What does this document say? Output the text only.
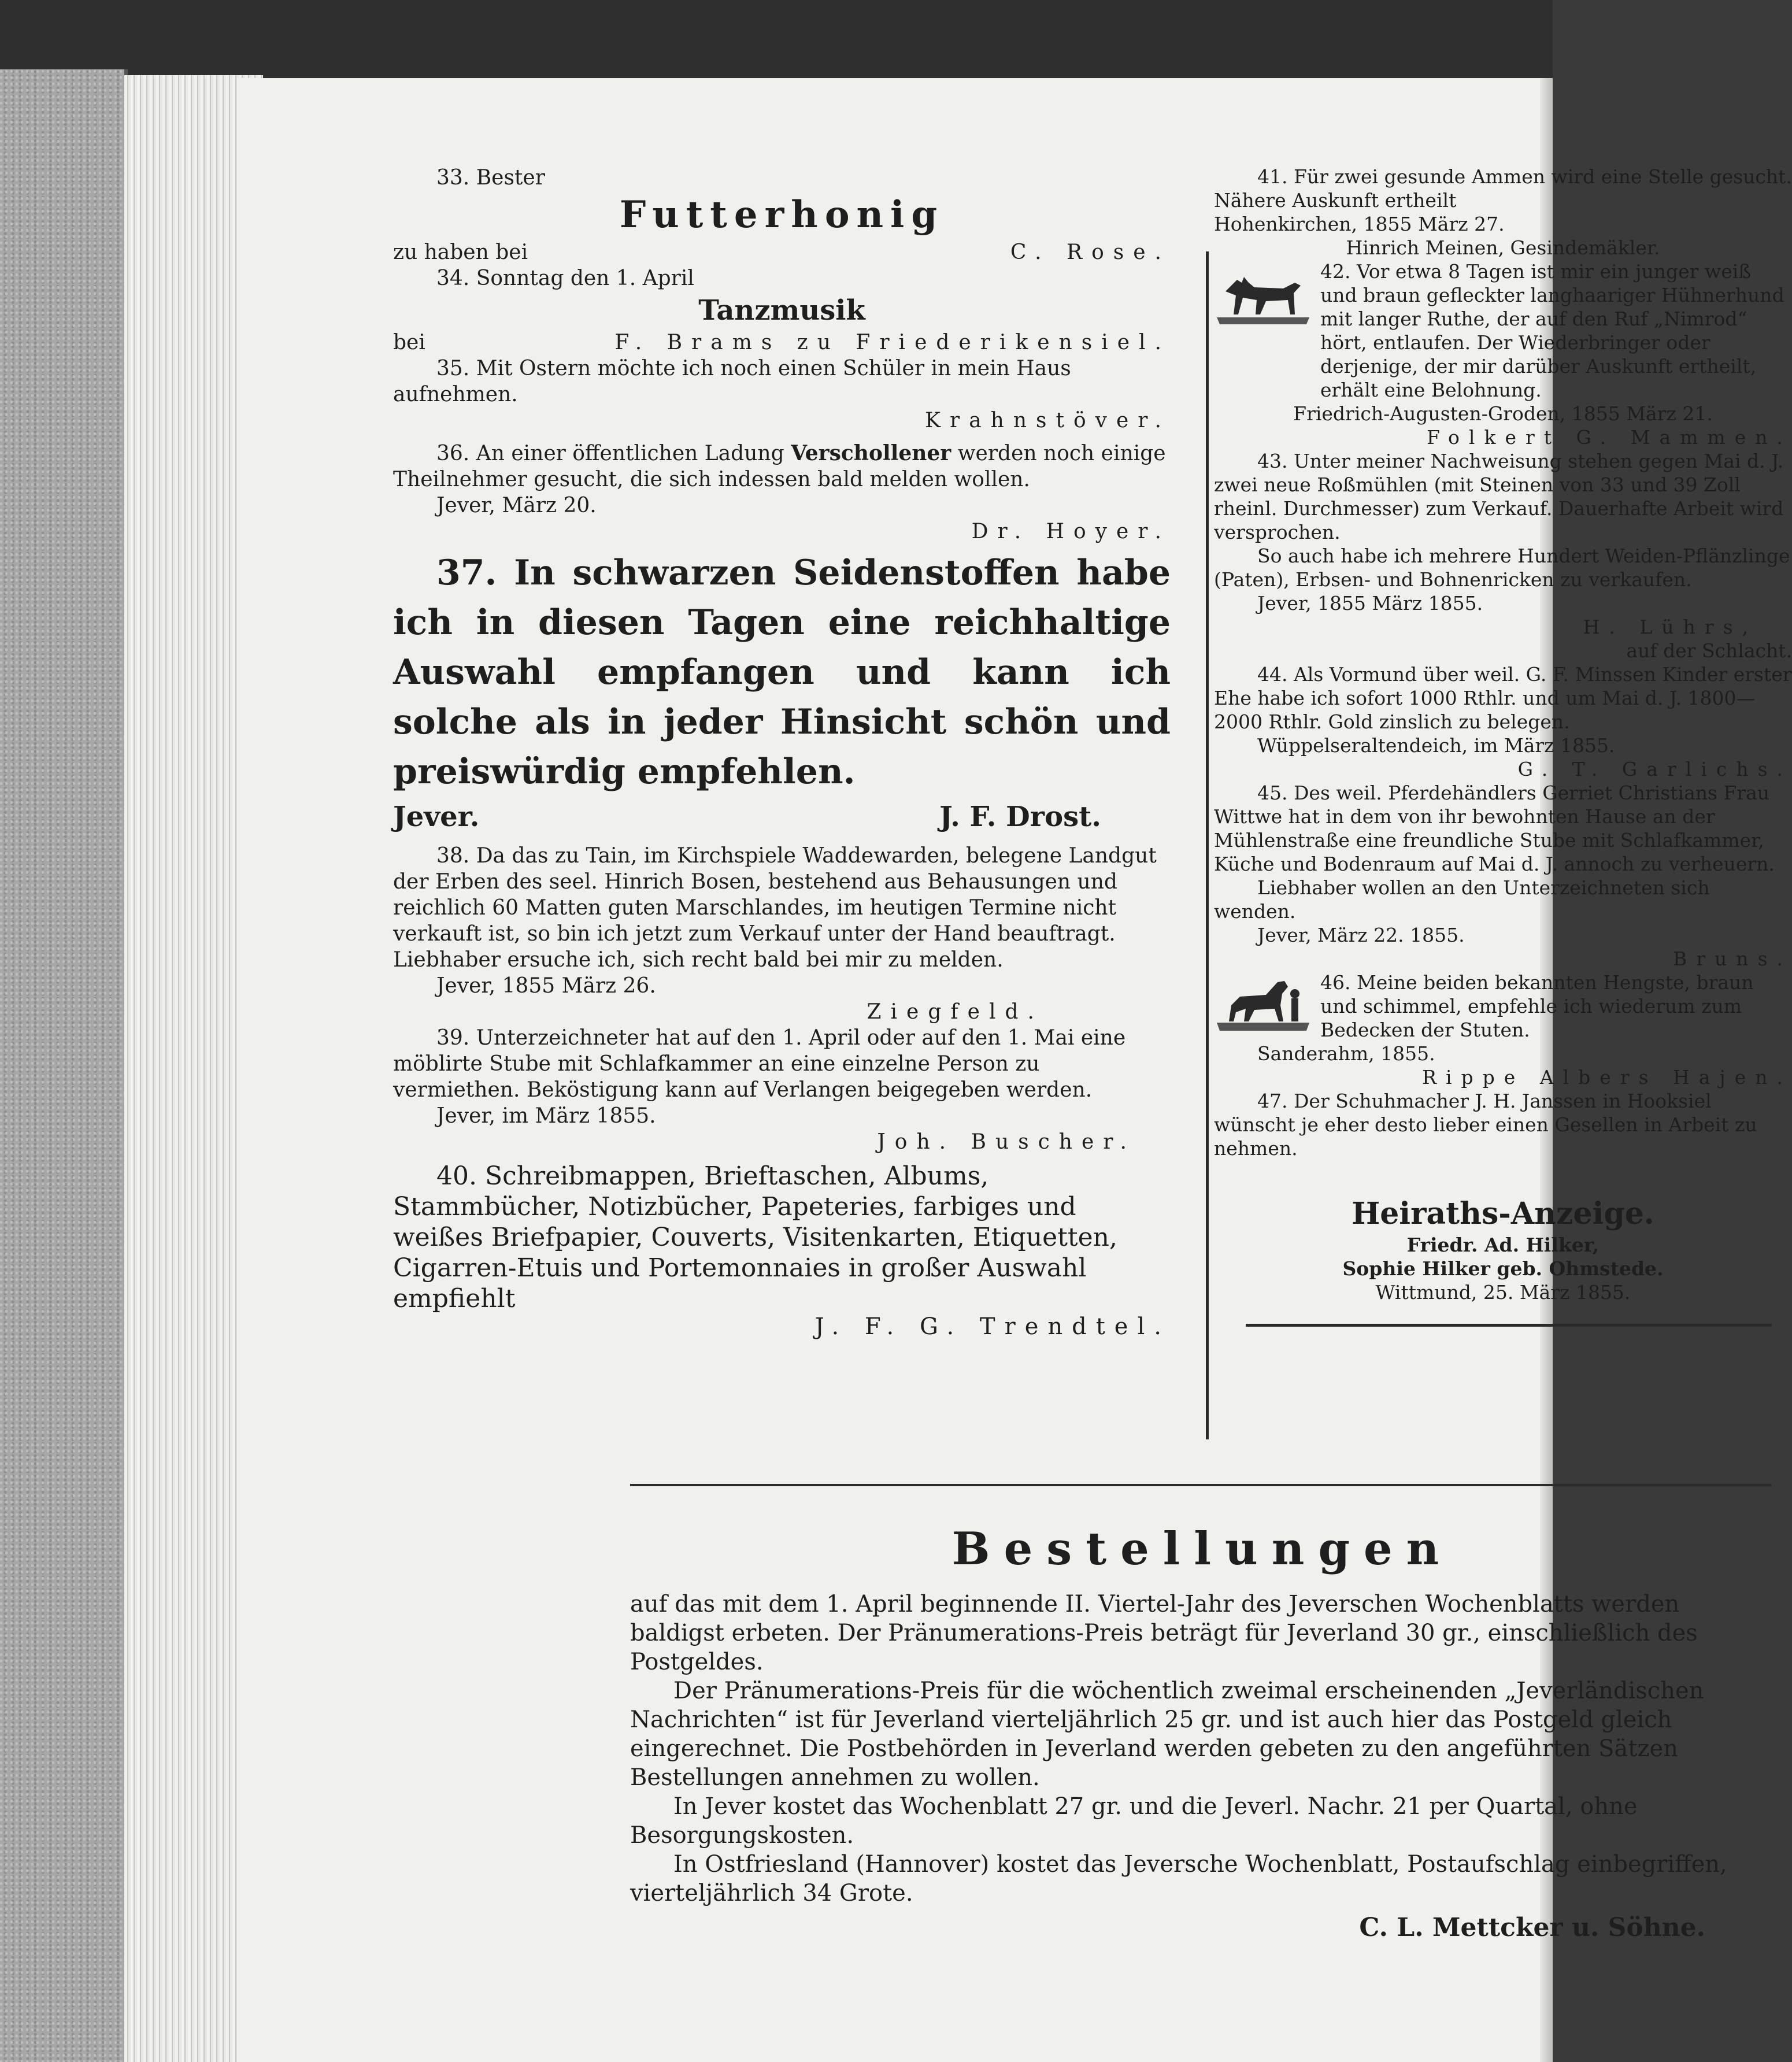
33. Bester

Futterhonig

zu haben bei	C. Rose.

34. Sonntag den 1. April

Tanzmusik

bei	F. Brams zu Friederikensiel.

35. Mit Ostern möchte ich noch einen Schüler in mein Haus aufnehmen.

Krahnstöver.

36. An einer öffentlichen Ladung Verschollener werden noch einige Theilnehmer gesucht, die sich indessen bald melden wollen.

Jever, März 20.

Dr. Hoyer.

37. In schwarzen Seidenstoffen habe ich in diesen Tagen eine reichhaltige Auswahl empfangen und kann ich solche als in jeder Hinsicht schön und preiswürdig empfehlen.

Jever.	J. F. Drost.

38. Da das zu Tain, im Kirchspiele Waddewarden, belegene Landgut der Erben des seel. Hinrich Bosen, bestehend aus Behausungen und reichlich 60 Matten guten Marschlandes, im heutigen Termine nicht verkauft ist, so bin ich jetzt zum Verkauf unter der Hand beauftragt. Liebhaber ersuche ich, sich recht bald bei mir zu melden.

Jever, 1855 März 26.

Ziegfeld.

39. Unterzeichneter hat auf den 1. April oder auf den 1. Mai eine möblirte Stube mit Schlafkammer an eine einzelne Person zu vermiethen. Beköstigung kann auf Verlangen beigegeben werden.

Jever, im März 1855.

Joh. Buscher.

40. Schreibmappen, Brieftaschen, Albums, Stammbücher, Notizbücher, Papeteries, farbiges und weißes Briefpapier, Couverts, Visitenkarten, Etiquetten, Cigarren-Etuis und Portemonnaies in großer Auswahl empfiehlt

J. F. G. Trendtel.

41. Für zwei gesunde Ammen wird eine Stelle gesucht. Nähere Auskunft ertheilt

Hohenkirchen, 1855 März 27.

Hinrich Meinen, Gesindemäkler.

42. Vor etwa 8 Tagen ist mir ein junger weiß und braun gefleckter langhaariger Hühnerhund mit langer Ruthe, der auf den Ruf „Nimrod“ hört, entlaufen. Der Wiederbringer oder derjenige, der mir darüber Auskunft ertheilt, erhält eine Belohnung.

Friedrich-Augusten-Groden, 1855 März 21.

Folkert G. Mammen.

43. Unter meiner Nachweisung stehen gegen Mai d. J. zwei neue Roßmühlen (mit Steinen von 33 und 39 Zoll rheinl. Durchmesser) zum Verkauf. Dauerhafte Arbeit wird versprochen.

So auch habe ich mehrere Hundert Weiden-Pflänzlinge (Paten), Erbsen- und Bohnenricken zu verkaufen.

Jever, 1855 März 1855.

H. Lührs,

auf der Schlacht.

44. Als Vormund über weil. G. F. Minssen Kinder erster Ehe habe ich sofort 1000 Rthlr. und um Mai d. J. 1800—2000 Rthlr. Gold zinslich zu belegen.

Wüppelseraltendeich, im März 1855.

G. T. Garlichs.

45. Des weil. Pferdehändlers Gerriet Christians Frau Wittwe hat in dem von ihr bewohnten Hause an der Mühlenstraße eine freundliche Stube mit Schlafkammer, Küche und Bodenraum auf Mai d. J. annoch zu verheuern.

Liebhaber wollen an den Unterzeichneten sich wenden.

Jever, März 22. 1855.

Bruns.

46. Meine beiden bekannten Hengste, braun und schimmel, empfehle ich wiederum zum Bedecken der Stuten.

Sanderahm, 1855.

Rippe Albers Hajen.

47. Der Schuhmacher J. H. Janssen in Hooksiel wünscht je eher desto lieber einen Gesellen in Arbeit zu nehmen.

Heiraths-Anzeige.

Friedr. Ad. Hilker,

Sophie Hilker geb. Ohmstede.

Wittmund, 25. März 1855.

Bestellungen

auf das mit dem 1. April beginnende II. Viertel-Jahr des Jeverschen Wochenblatts werden baldigst erbeten. Der Pränumerations-Preis beträgt für Jeverland 30 gr., einschließlich des Postgeldes.

Der Pränumerations-Preis für die wöchentlich zweimal erscheinenden „Jeverländischen Nachrichten“ ist für Jeverland vierteljährlich 25 gr. und ist auch hier das Postgeld gleich eingerechnet. Die Postbehörden in Jeverland werden gebeten zu den angeführten Sätzen Bestellungen annehmen zu wollen.

In Jever kostet das Wochenblatt 27 gr. und die Jeverl. Nachr. 21 per Quartal, ohne Besorgungskosten.

In Ostfriesland (Hannover) kostet das Jeversche Wochenblatt, Postaufschlag einbegriffen, vierteljährlich 34 Grote.

C. L. Mettcker u. Söhne.
